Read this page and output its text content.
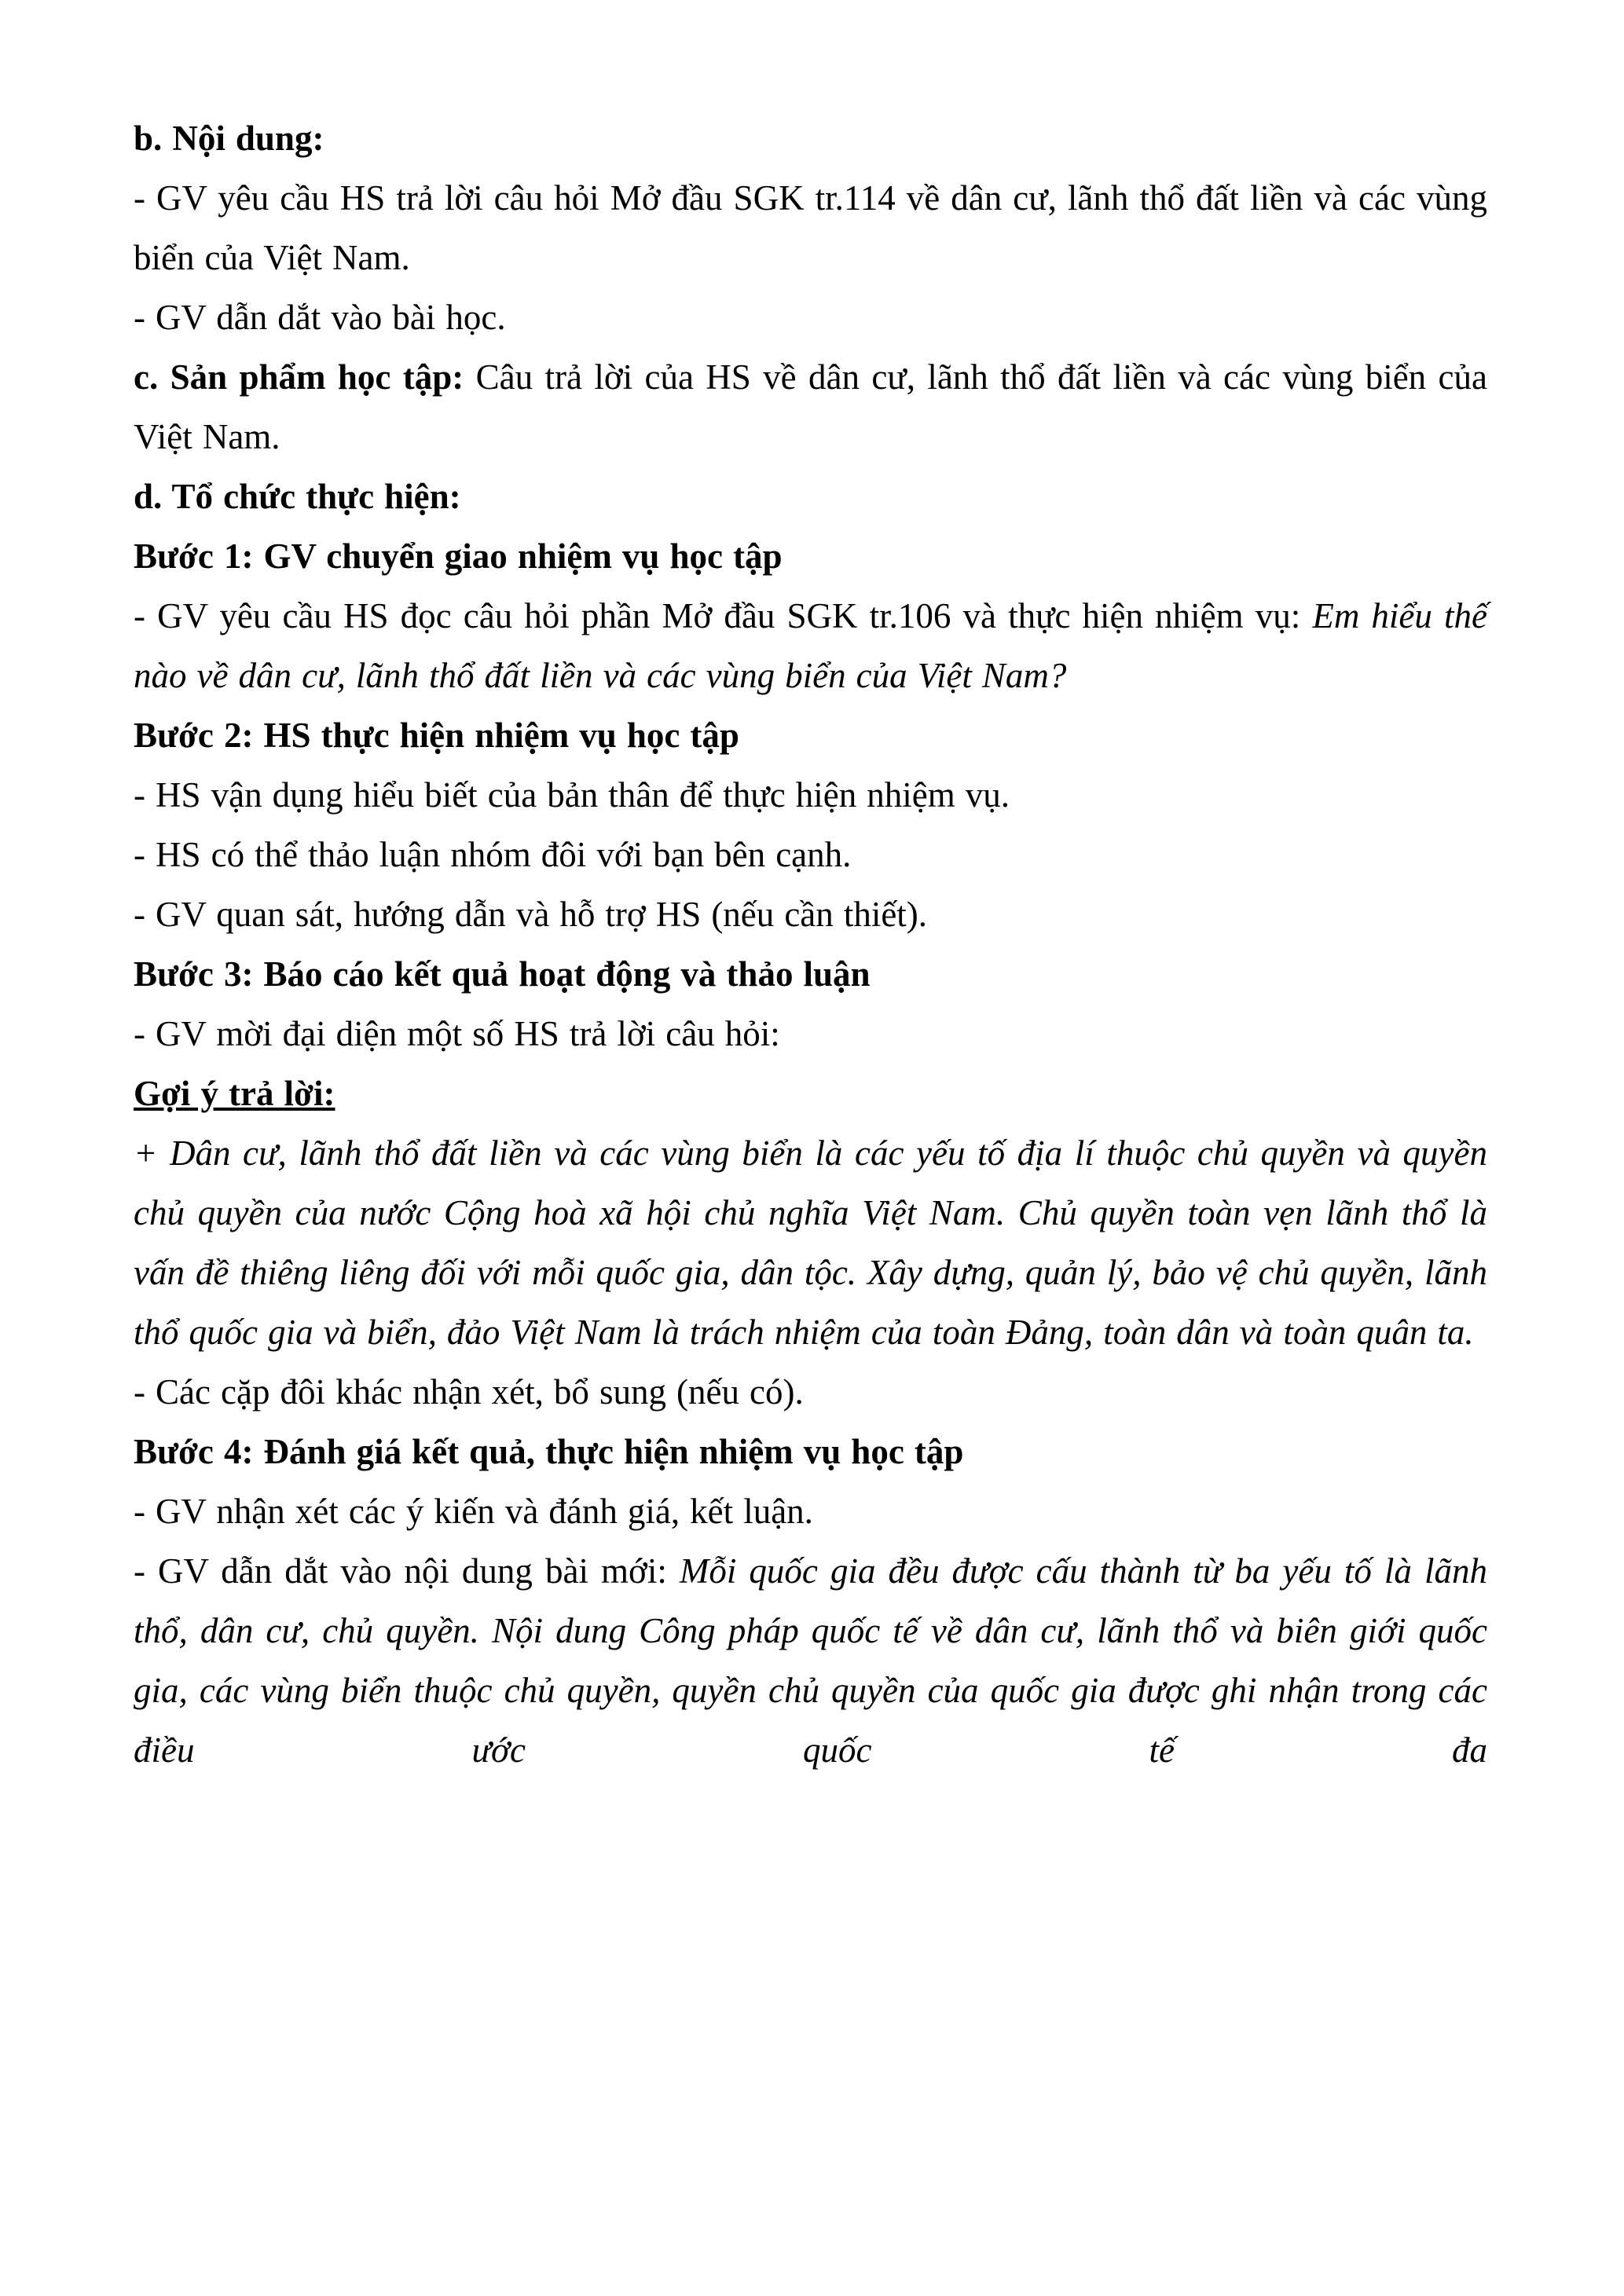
b. Nội dung:

- GV yêu cầu HS trả lời câu hỏi Mở đầu SGK tr.114 về dân cư, lãnh thổ đất liền và các vùng biển của Việt Nam.

- GV dẫn dắt vào bài học.

c. Sản phẩm học tập: Câu trả lời của HS về dân cư, lãnh thổ đất liền và các vùng biển của Việt Nam.

d. Tổ chức thực hiện:

Bước 1: GV chuyển giao nhiệm vụ học tập

- GV yêu cầu HS đọc câu hỏi phần Mở đầu SGK tr.106 và thực hiện nhiệm vụ: Em hiểu thế nào về dân cư, lãnh thổ đất liền và các vùng biển của Việt Nam?

Bước 2: HS thực hiện nhiệm vụ học tập

- HS vận dụng hiểu biết của bản thân để thực hiện nhiệm vụ.

- HS có thể thảo luận nhóm đôi với bạn bên cạnh.

- GV quan sát, hướng dẫn và hỗ trợ HS (nếu cần thiết).

Bước 3: Báo cáo kết quả hoạt động và thảo luận

- GV mời đại diện một số HS trả lời câu hỏi:

Gợi ý trả lời:

+ Dân cư, lãnh thổ đất liền và các vùng biển là các yếu tố địa lí thuộc chủ quyền và quyền chủ quyền của nước Cộng hoà xã hội chủ nghĩa Việt Nam. Chủ quyền toàn vẹn lãnh thổ là vấn đề thiêng liêng đối với mỗi quốc gia, dân tộc. Xây dựng, quản lý, bảo vệ chủ quyền, lãnh thổ quốc gia và biển, đảo Việt Nam là trách nhiệm của toàn Đảng, toàn dân và toàn quân ta.

- Các cặp đôi khác nhận xét, bổ sung (nếu có).

Bước 4: Đánh giá kết quả, thực hiện nhiệm vụ học tập

- GV nhận xét các ý kiến và đánh giá, kết luận.

- GV dẫn dắt vào nội dung bài mới: Mỗi quốc gia đều được cấu thành từ ba yếu tố là lãnh thổ, dân cư, chủ quyền. Nội dung Công pháp quốc tế về dân cư, lãnh thổ và biên giới quốc gia, các vùng biển thuộc chủ quyền, quyền chủ quyền của quốc gia được ghi nhận trong các điều ước quốc tế đa
